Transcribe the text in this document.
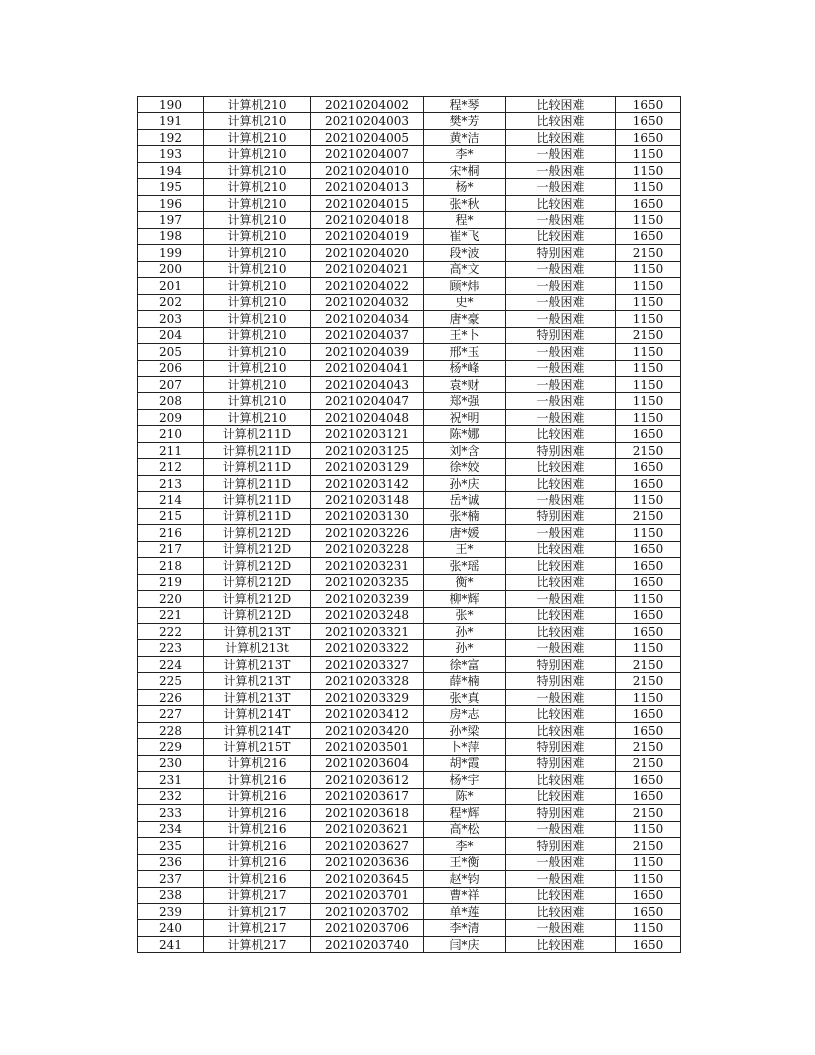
190	计算机210	20210204002	程*琴	比较困难	1650
191	计算机210	20210204003	樊*芳	比较困难	1650
192	计算机210	20210204005	黄*洁	比较困难	1650
193	计算机210	20210204007	李*	一般困难	1150
194	计算机210	20210204010	宋*桐	一般困难	1150
195	计算机210	20210204013	杨*	一般困难	1150
196	计算机210	20210204015	张*秋	比较困难	1650
197	计算机210	20210204018	程*	一般困难	1150
198	计算机210	20210204019	崔*飞	比较困难	1650
199	计算机210	20210204020	段*波	特别困难	2150
200	计算机210	20210204021	高*文	一般困难	1150
201	计算机210	20210204022	顾*炜	一般困难	1150
202	计算机210	20210204032	史*	一般困难	1150
203	计算机210	20210204034	唐*豪	一般困难	1150
204	计算机210	20210204037	王*卜	特别困难	2150
205	计算机210	20210204039	邢*玉	一般困难	1150
206	计算机210	20210204041	杨*峰	一般困难	1150
207	计算机210	20210204043	袁*财	一般困难	1150
208	计算机210	20210204047	郑*强	一般困难	1150
209	计算机210	20210204048	祝*明	一般困难	1150
210	计算机211D	20210203121	陈*娜	比较困难	1650
211	计算机211D	20210203125	刘*含	特别困难	2150
212	计算机211D	20210203129	徐*姣	比较困难	1650
213	计算机211D	20210203142	孙*庆	比较困难	1650
214	计算机211D	20210203148	岳*诚	一般困难	1150
215	计算机211D	20210203130	张*楠	特别困难	2150
216	计算机212D	20210203226	唐*媛	一般困难	1150
217	计算机212D	20210203228	王*	比较困难	1650
218	计算机212D	20210203231	张*瑶	比较困难	1650
219	计算机212D	20210203235	衡*	比较困难	1650
220	计算机212D	20210203239	柳*辉	一般困难	1150
221	计算机212D	20210203248	张*	比较困难	1650
222	计算机213T	20210203321	孙*	比较困难	1650
223	计算机213t	20210203322	孙*	一般困难	1150
224	计算机213T	20210203327	徐*富	特别困难	2150
225	计算机213T	20210203328	薛*楠	特别困难	2150
226	计算机213T	20210203329	张*真	一般困难	1150
227	计算机214T	20210203412	房*志	比较困难	1650
228	计算机214T	20210203420	孙*梁	比较困难	1650
229	计算机215T	20210203501	卜*萍	特别困难	2150
230	计算机216	20210203604	胡*霞	特别困难	2150
231	计算机216	20210203612	杨*宇	比较困难	1650
232	计算机216	20210203617	陈*	比较困难	1650
233	计算机216	20210203618	程*辉	特别困难	2150
234	计算机216	20210203621	高*松	一般困难	1150
235	计算机216	20210203627	李*	特别困难	2150
236	计算机216	20210203636	王*衡	一般困难	1150
237	计算机216	20210203645	赵*钧	一般困难	1150
238	计算机217	20210203701	曹*祥	比较困难	1650
239	计算机217	20210203702	单*莲	比较困难	1650
240	计算机217	20210203706	李*清	一般困难	1150
241	计算机217	20210203740	闫*庆	比较困难	1650
